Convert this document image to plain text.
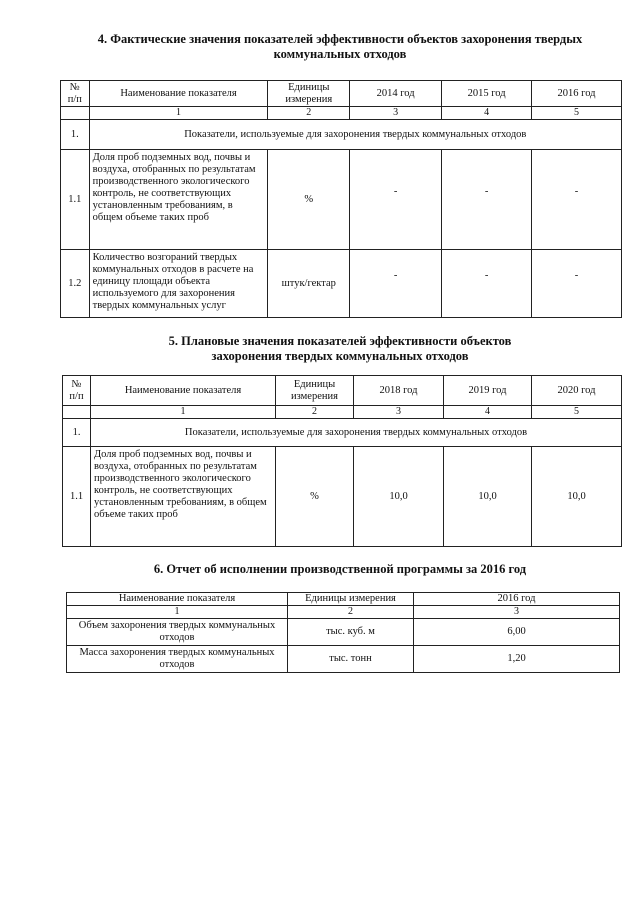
4. Фактические значения показателей эффективности объектов захоронения твердых
коммунальных отходов
№
п/п	Наименование показателя	Единицы измерения	2014 год	2015 год	2016 год
	1	2	3	4	5
1.	Показатели, используемые для захоронения твердых коммунальных отходов				
1.1	Доля проб подземных вод, почвы и воздуха, отобранных по результатам производственного экологического контроль, не соответствующих установленным требованиям, в общем объеме таких проб	%	-	-	-
1.2	Количество возгораний твердых коммунальных отходов в расчете на единицу площади объекта используемого для захоронения твердых коммунальных услуг	штук/гектар	-	-	-
5. Плановые значения показателей эффективности объектов
захоронения твердых коммунальных отходов
№
п/п	Наименование показателя	Единицы измерения	2018 год	2019 год	2020 год
	1	2	3	4	5
1.	Показатели, используемые для захоронения твердых коммунальных отходов				
1.1	Доля проб подземных вод, почвы и воздуха, отобранных по результатам производственного экологического контроль, не соответствующих установленным требованиям, в общем объеме таких проб	%	10,0	10,0	10,0
6. Отчет об исполнении производственной программы за 2016 год
Наименование показателя	Единицы измерения	2016 год
1	2	3
Объем захоронения твердых коммунальных отходов	тыс. куб. м	6,00
Масса захоронения твердых коммунальных отходов	тыс. тонн	1,20
